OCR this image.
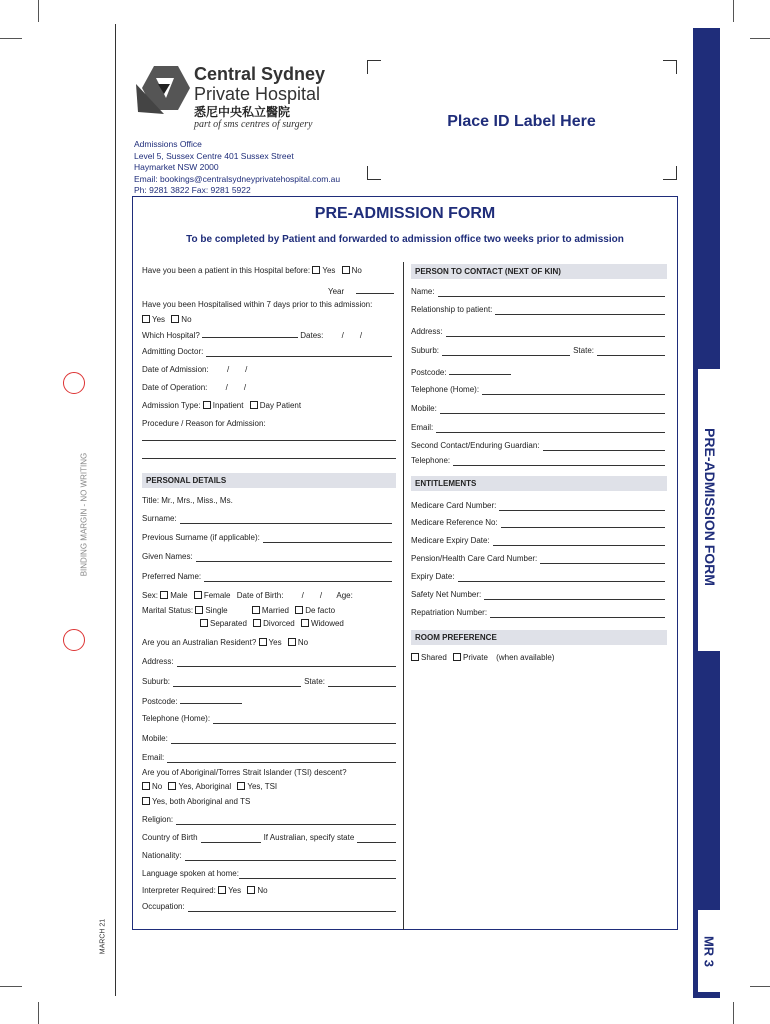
BINDING MARGIN - NO WRITING
MARCH 21
PRE-ADMISSION FORM
MR 3
Central Sydney
Private Hospital
悉尼中央私立醫院
part of sms centres of surgery
Admissions Office
Level 5, Sussex Centre 401 Sussex Street
Haymarket NSW 2000
Email: bookings@centralsydneyprivatehospital.com.au
Ph: 9281 3822 Fax: 9281 5922
Place ID Label Here
PRE-ADMISSION FORM
To be completed by Patient and forwarded to admission office two weeks prior to admission
Have you been a patient in this Hospital before: Yes No
Year
Have you been Hospitalised within 7 days prior to this admission:
Yes No
Which Hospital?	Dates: / /
Admitting Doctor:
Date of Admission: / /
Date of Operation: / /
Admission Type: Inpatient Day Patient
Procedure / Reason for Admission:
PERSONAL DETAILS
Title: Mr., Mrs., Miss., Ms.
Surname:
Previous Surname (if applicable):
Given Names:
Preferred Name:
Sex: Male Female Date of Birth: / / Age:
Marital Status: Single	Married De facto
Separated Divorced Widowed
Are you an Australian Resident? Yes No
Address:
Suburb:	State:
Postcode:
Telephone (Home):
Mobile:
Email:
Are you of Aboriginal/Torres Strait Islander (TSI) descent?
No Yes, Aboriginal Yes, TSI
Yes, both Aboriginal and TS
Religion:
Country of Birth	If Australian, specify state
Nationality:
Language spoken at home:
Interpreter Required: Yes No
Occupation:
PERSON TO CONTACT (NEXT OF KIN)
Name:
Relationship to patient:
Address:
Suburb:	State:
Postcode:
Telephone (Home):
Mobile:
Email:
Second Contact/Enduring Guardian:
Telephone:
ENTITLEMENTS
Medicare Card Number:
Medicare Reference No:
Medicare Expiry Date:
Pension/Health Care Card Number:
Expiry Date:
Safety Net Number:
Repatriation Number:
ROOM PREFERENCE
Shared Private (when available)
